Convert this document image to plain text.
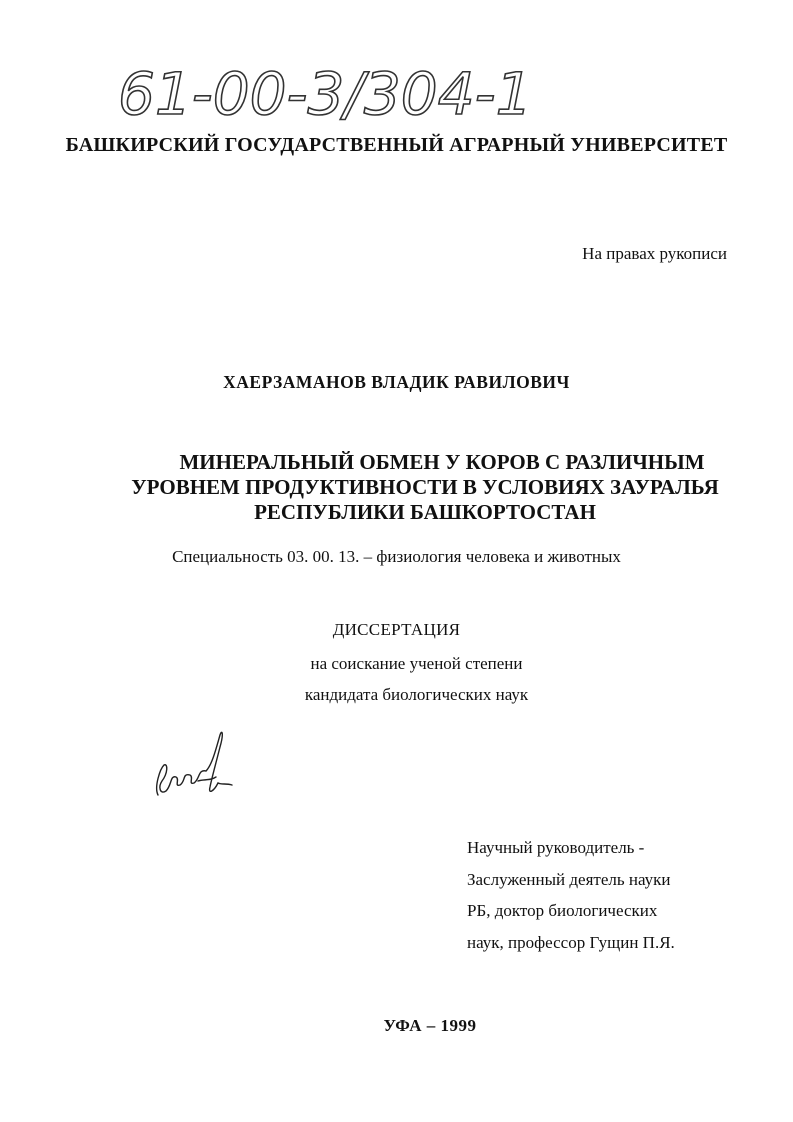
61-00-3/304-1
БАШКИРСКИЙ ГОСУДАРСТВЕННЫЙ АГРАРНЫЙ УНИВЕРСИТЕТ
На правах рукописи
ХАЕРЗАМАНОВ ВЛАДИК РАВИЛОВИЧ
МИНЕРАЛЬНЫЙ ОБМЕН У КОРОВ С РАЗЛИЧНЫМ
УРОВНЕМ ПРОДУКТИВНОСТИ В УСЛОВИЯХ ЗАУРАЛЬЯ
РЕСПУБЛИКИ БАШКОРТОСТАН
Специальность 03. 00. 13. – физиология человека и животных
ДИССЕРТАЦИЯ
на соискание ученой степени
кандидата биологических наук
Научный руководитель -
Заслуженный деятель науки
РБ, доктор биологических
наук, профессор Гущин П.Я.
УФА – 1999
